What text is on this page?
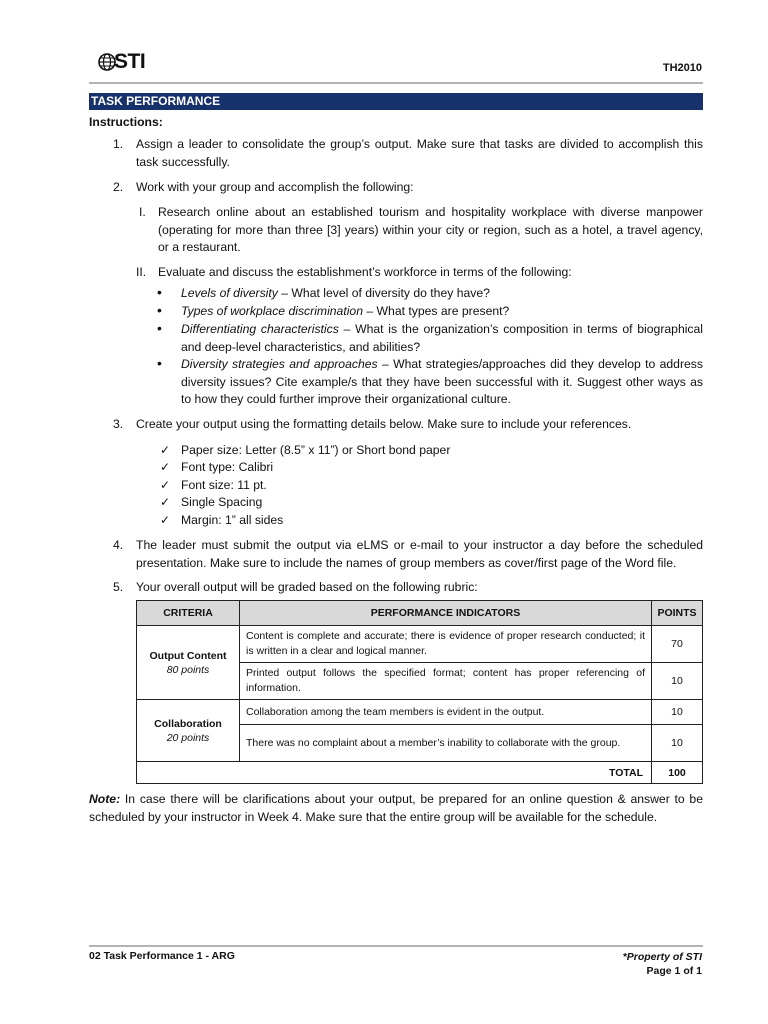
STI	TH2010
TASK PERFORMANCE
Instructions:
1.	Assign a leader to consolidate the group’s output. Make sure that tasks are divided to accomplish this task successfully.
2.	Work with your group and accomplish the following:
I. Research online about an established tourism and hospitality workplace with diverse manpower (operating for more than three [3] years) within your city or region, such as a hotel, a travel agency, or a restaurant.
II. Evaluate and discuss the establishment’s workforce in terms of the following:
•
Levels of diversity – What level of diversity do they have?
•
Types of workplace discrimination – What types are present?
•
Differentiating characteristics – What is the organization’s composition in terms of biographical and deep-level characteristics, and abilities?
•
Diversity strategies and approaches – What strategies/approaches did they develop to address diversity issues? Cite example/s that they have been successful with it. Suggest other ways as to how they could further improve their organizational culture.
3.	Create your output using the formatting details below. Make sure to include your references.
✓ Paper size: Letter (8.5” x 11”) or Short bond paper
✓ Font type: Calibri
✓ Font size: 11 pt.
✓ Single Spacing
✓ Margin: 1” all sides
4.	The leader must submit the output via eLMS or e-mail to your instructor a day before the scheduled presentation. Make sure to include the names of group members as cover/first page of the Word file.
5.	Your overall output will be graded based on the following rubric:
CRITERIA	PERFORMANCE INDICATORS	POINTS

Output Content
80 points	Content is complete and accurate; there is evidence of proper research conducted; it is written in a clear and logical manner.	70
	Printed output follows the specified format; content has proper referencing of information.	10

Collaboration
20 points	Collaboration among the team members is evident in the output.	10
	There was no complaint about a member’s inability to collaborate with the group.	10
TOTAL		100
Note: In case there will be clarifications about your output, be prepared for an online question & answer to be scheduled by your instructor in Week 4. Make sure that the entire group will be available for the schedule.
02 Task Performance 1 - ARG	*Property of STI
Page 1 of 1
